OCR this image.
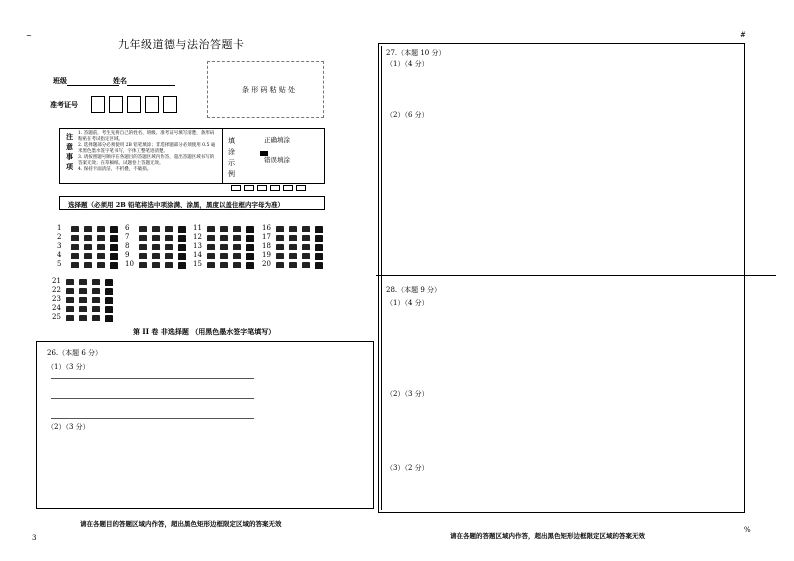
~	#
3
%
九年级道德与法治答题卡
班级	姓名
准考证号
条 形 码 粘 贴 处
注
意
事
项
1. 答题前，考生先将自己的姓名、班级、准考证号填写清楚，条形码粘贴在考试指定区域。
2. 选择题部分必须使用 2B 铅笔填涂；非选择题部分必须使用 0.5 毫米黑色墨水签字笔书写，字体工整笔迹清楚。
3. 请按照题号顺序在各题目的答题区域内作答，超出答题区域书写的答案无效；在草稿纸、试题卷上答题无效。
4. 保持卡面清洁，不折叠，不破损。
填
涂
示
例
正确填涂
错误填涂
选择题（必须用 2B 铅笔将选中项涂满、涂黑，黑度以盖住框内字母为准）
1
2
3
4
5
6
7
8
9
10
11
12
13
14
15
16
17
18
19
20
21
22
23
24
25
第 II 卷 非选择题 （用黑色墨水签字笔填写）
26.（本题 6 分）
（1）（3 分）
（2）（3 分）
请在各题目的答题区域内作答，超出黑色矩形边框限定区域的答案无效
27.（本题 10 分）
（1）（4 分）
（2）（6 分）
28.（本题 9 分）
（1）（4 分）
（2）（3 分）
（3）（2 分）
请在各题的答题区域内作答，超出黑色矩形边框限定区域的答案无效
